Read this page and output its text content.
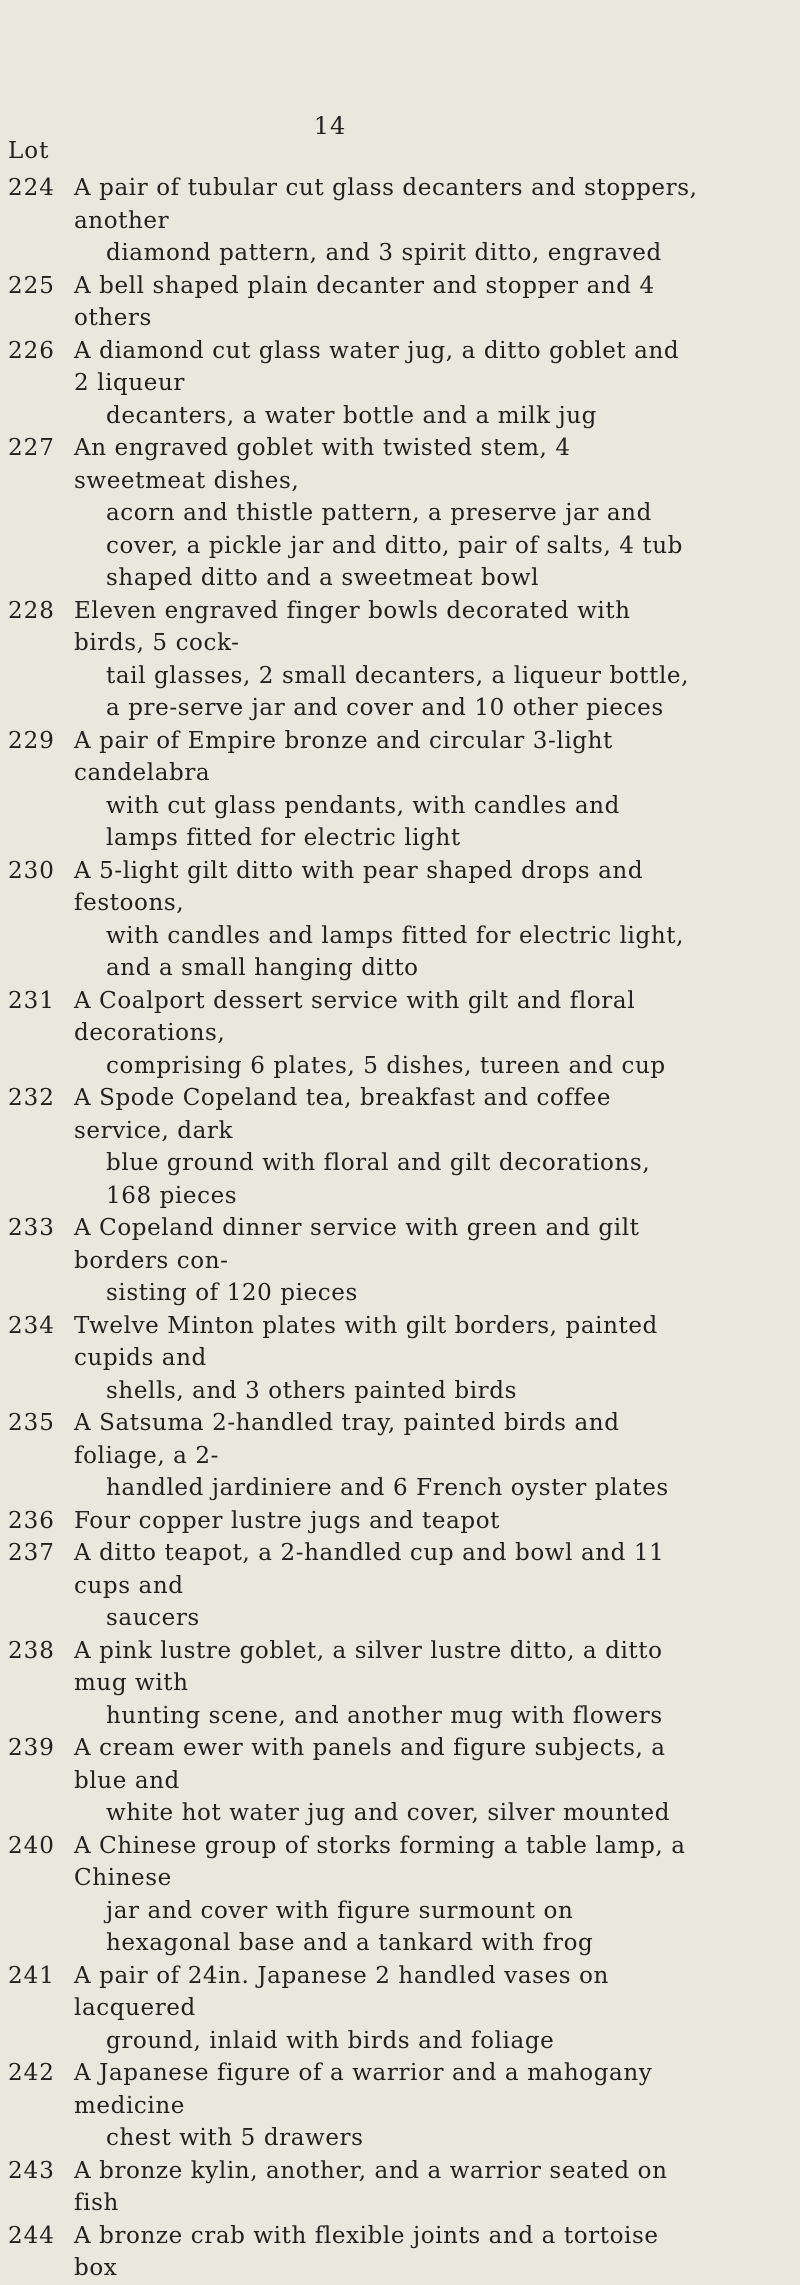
14
Lot
224 A pair of tubular cut glass decanters and stoppers, another
diamond pattern, and 3 spirit ditto, engraved
225 A bell shaped plain decanter and stopper and 4 others
226 A diamond cut glass water jug, a ditto goblet and 2 liqueur
decanters, a water bottle and a milk jug
227 An engraved goblet with twisted stem, 4 sweetmeat dishes,
acorn and thistle pattern, a preserve jar and cover, a pickle jar and ditto, pair of salts, 4 tub shaped ditto and a sweetmeat bowl
228 Eleven engraved finger bowls decorated with birds, 5 cock-
tail glasses, 2 small decanters, a liqueur bottle, a pre-serve jar and cover and 10 other pieces
229 A pair of Empire bronze and circular 3-light candelabra
with cut glass pendants, with candles and lamps fitted for electric light
230 A 5-light gilt ditto with pear shaped drops and festoons,
with candles and lamps fitted for electric light, and a small hanging ditto
231 A Coalport dessert service with gilt and floral decorations,
comprising 6 plates, 5 dishes, tureen and cup
232 A Spode Copeland tea, breakfast and coffee service, dark
blue ground with floral and gilt decorations, 168 pieces
233 A Copeland dinner service with green and gilt borders con-
sisting of 120 pieces
234 Twelve Minton plates with gilt borders, painted cupids and
shells, and 3 others painted birds
235 A Satsuma 2-handled tray, painted birds and foliage, a 2-
handled jardiniere and 6 French oyster plates
236 Four copper lustre jugs and teapot
237 A ditto teapot, a 2-handled cup and bowl and 11 cups and
saucers
238 A pink lustre goblet, a silver lustre ditto, a ditto mug with
hunting scene, and another mug with flowers
239 A cream ewer with panels and figure subjects, a blue and
white hot water jug and cover, silver mounted
240 A Chinese group of storks forming a table lamp, a Chinese
jar and cover with figure surmount on hexagonal base and a tankard with frog
241 A pair of 24in. Japanese 2 handled vases on lacquered
ground, inlaid with birds and foliage
242 A Japanese figure of a warrior and a mahogany medicine
chest with 5 drawers
243 A bronze kylin, another, and a warrior seated on fish
244 A bronze crab with flexible joints and a tortoise box
